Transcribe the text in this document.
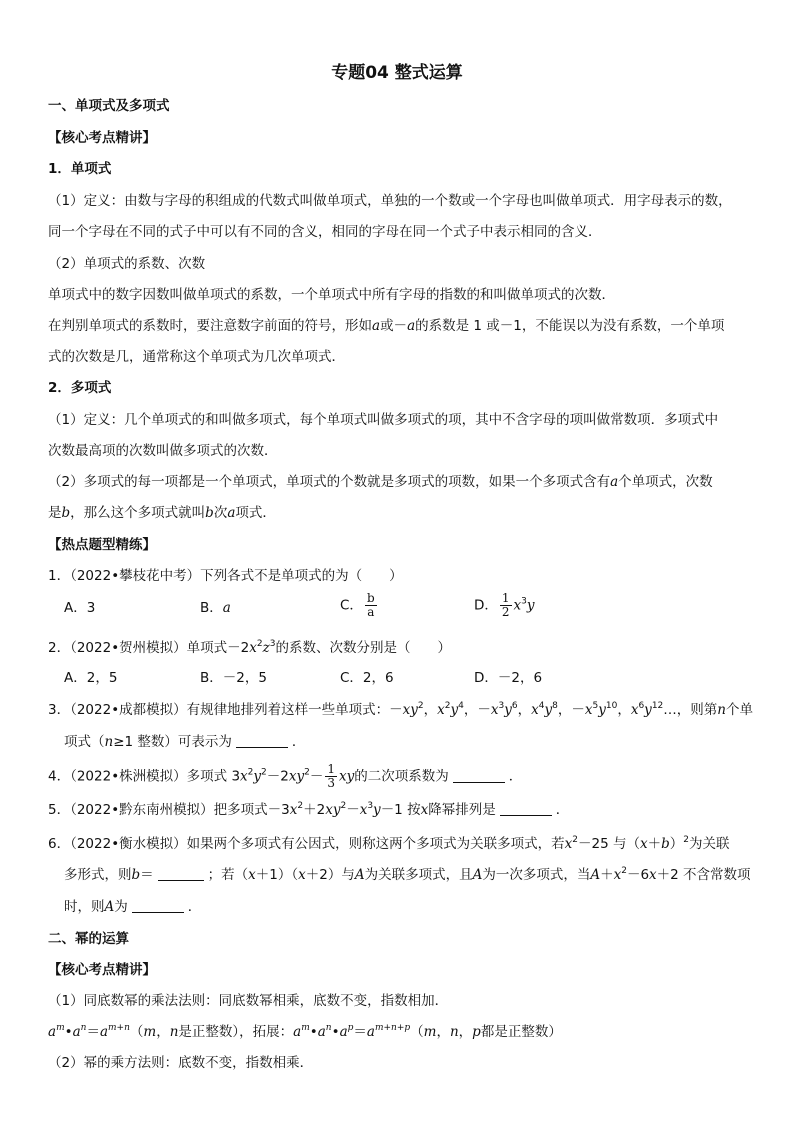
专题04 整式运算
一、单项式及多项式
【核心考点精讲】
1．单项式
（1）定义：由数与字母的积组成的代数式叫做单项式，单独的一个数或一个字母也叫做单项式．用字母表示的数，
同一个字母在不同的式子中可以有不同的含义，相同的字母在同一个式子中表示相同的含义．
（2）单项式的系数、次数
单项式中的数字因数叫做单项式的系数，一个单项式中所有字母的指数的和叫做单项式的次数．
在判别单项式的系数时，要注意数字前面的符号，形如a或－a的系数是 1 或－1，不能误以为没有系数，一个单项
式的次数是几，通常称这个单项式为几次单项式．
2．多项式
（1）定义：几个单项式的和叫做多项式，每个单项式叫做多项式的项，其中不含字母的项叫做常数项．多项式中
次数最高项的次数叫做多项式的次数．
（2）多项式的每一项都是一个单项式，单项式的个数就是多项式的项数，如果一个多项式含有a个单项式，次数
是b，那么这个多项式就叫b次a项式．
【热点题型精练】
1．（2022•攀枝花中考）下列各式不是单项式的为（　　）
A．3	B．a	C． $\frac{b}{a}$	D． $\frac{1}{2} x^3y$
2．（2022•贺州模拟）单项式$-2x^2z^3$的系数、次数分别是（　　）
A．2，5	B．－2，5	C．2，6	D．－2，6
3．（2022•成都模拟）有规律地排列着这样一些单项式：$-xy^2$，$x^2y^4$，$-x^3y^6$，$x^4y^8$，$-x^5y^{10}$，$x^6y^{12}\dots$，则第n个单
项式（n≥1 整数）可表示为	．
4．（2022•株洲模拟）多项式 $3x^2y^2-2xy^2- \frac{1}{3}$ xy的二次项系数为	．
5．（2022•黔东南州模拟）把多项式$-3x^2+2xy^2-x^3y-1$ 按x降幂排列是	．
6．（2022•衡水模拟）如果两个多项式有公因式，则称这两个多项式为关联多项式，若$x^2-25$ 与$(x+b)^2$为关联
多形式，则b＝	；若（x＋1）（x＋2）与A为关联多项式，且A为一次多项式，当$A+x^2-6x+2$ 不含常数项
时，则A为	．
二、幂的运算
【核心考点精讲】
（1）同底数幂的乘法法则：同底数幂相乘，底数不变，指数相加．
$a^m•a^n=a^{m+n}(m$，n是正整数），拓展：$a^m•a^n•a^p=a^{m+n+p}(m$，n，p都是正整数）
（2）幂的乘方法则：底数不变，指数相乘．
